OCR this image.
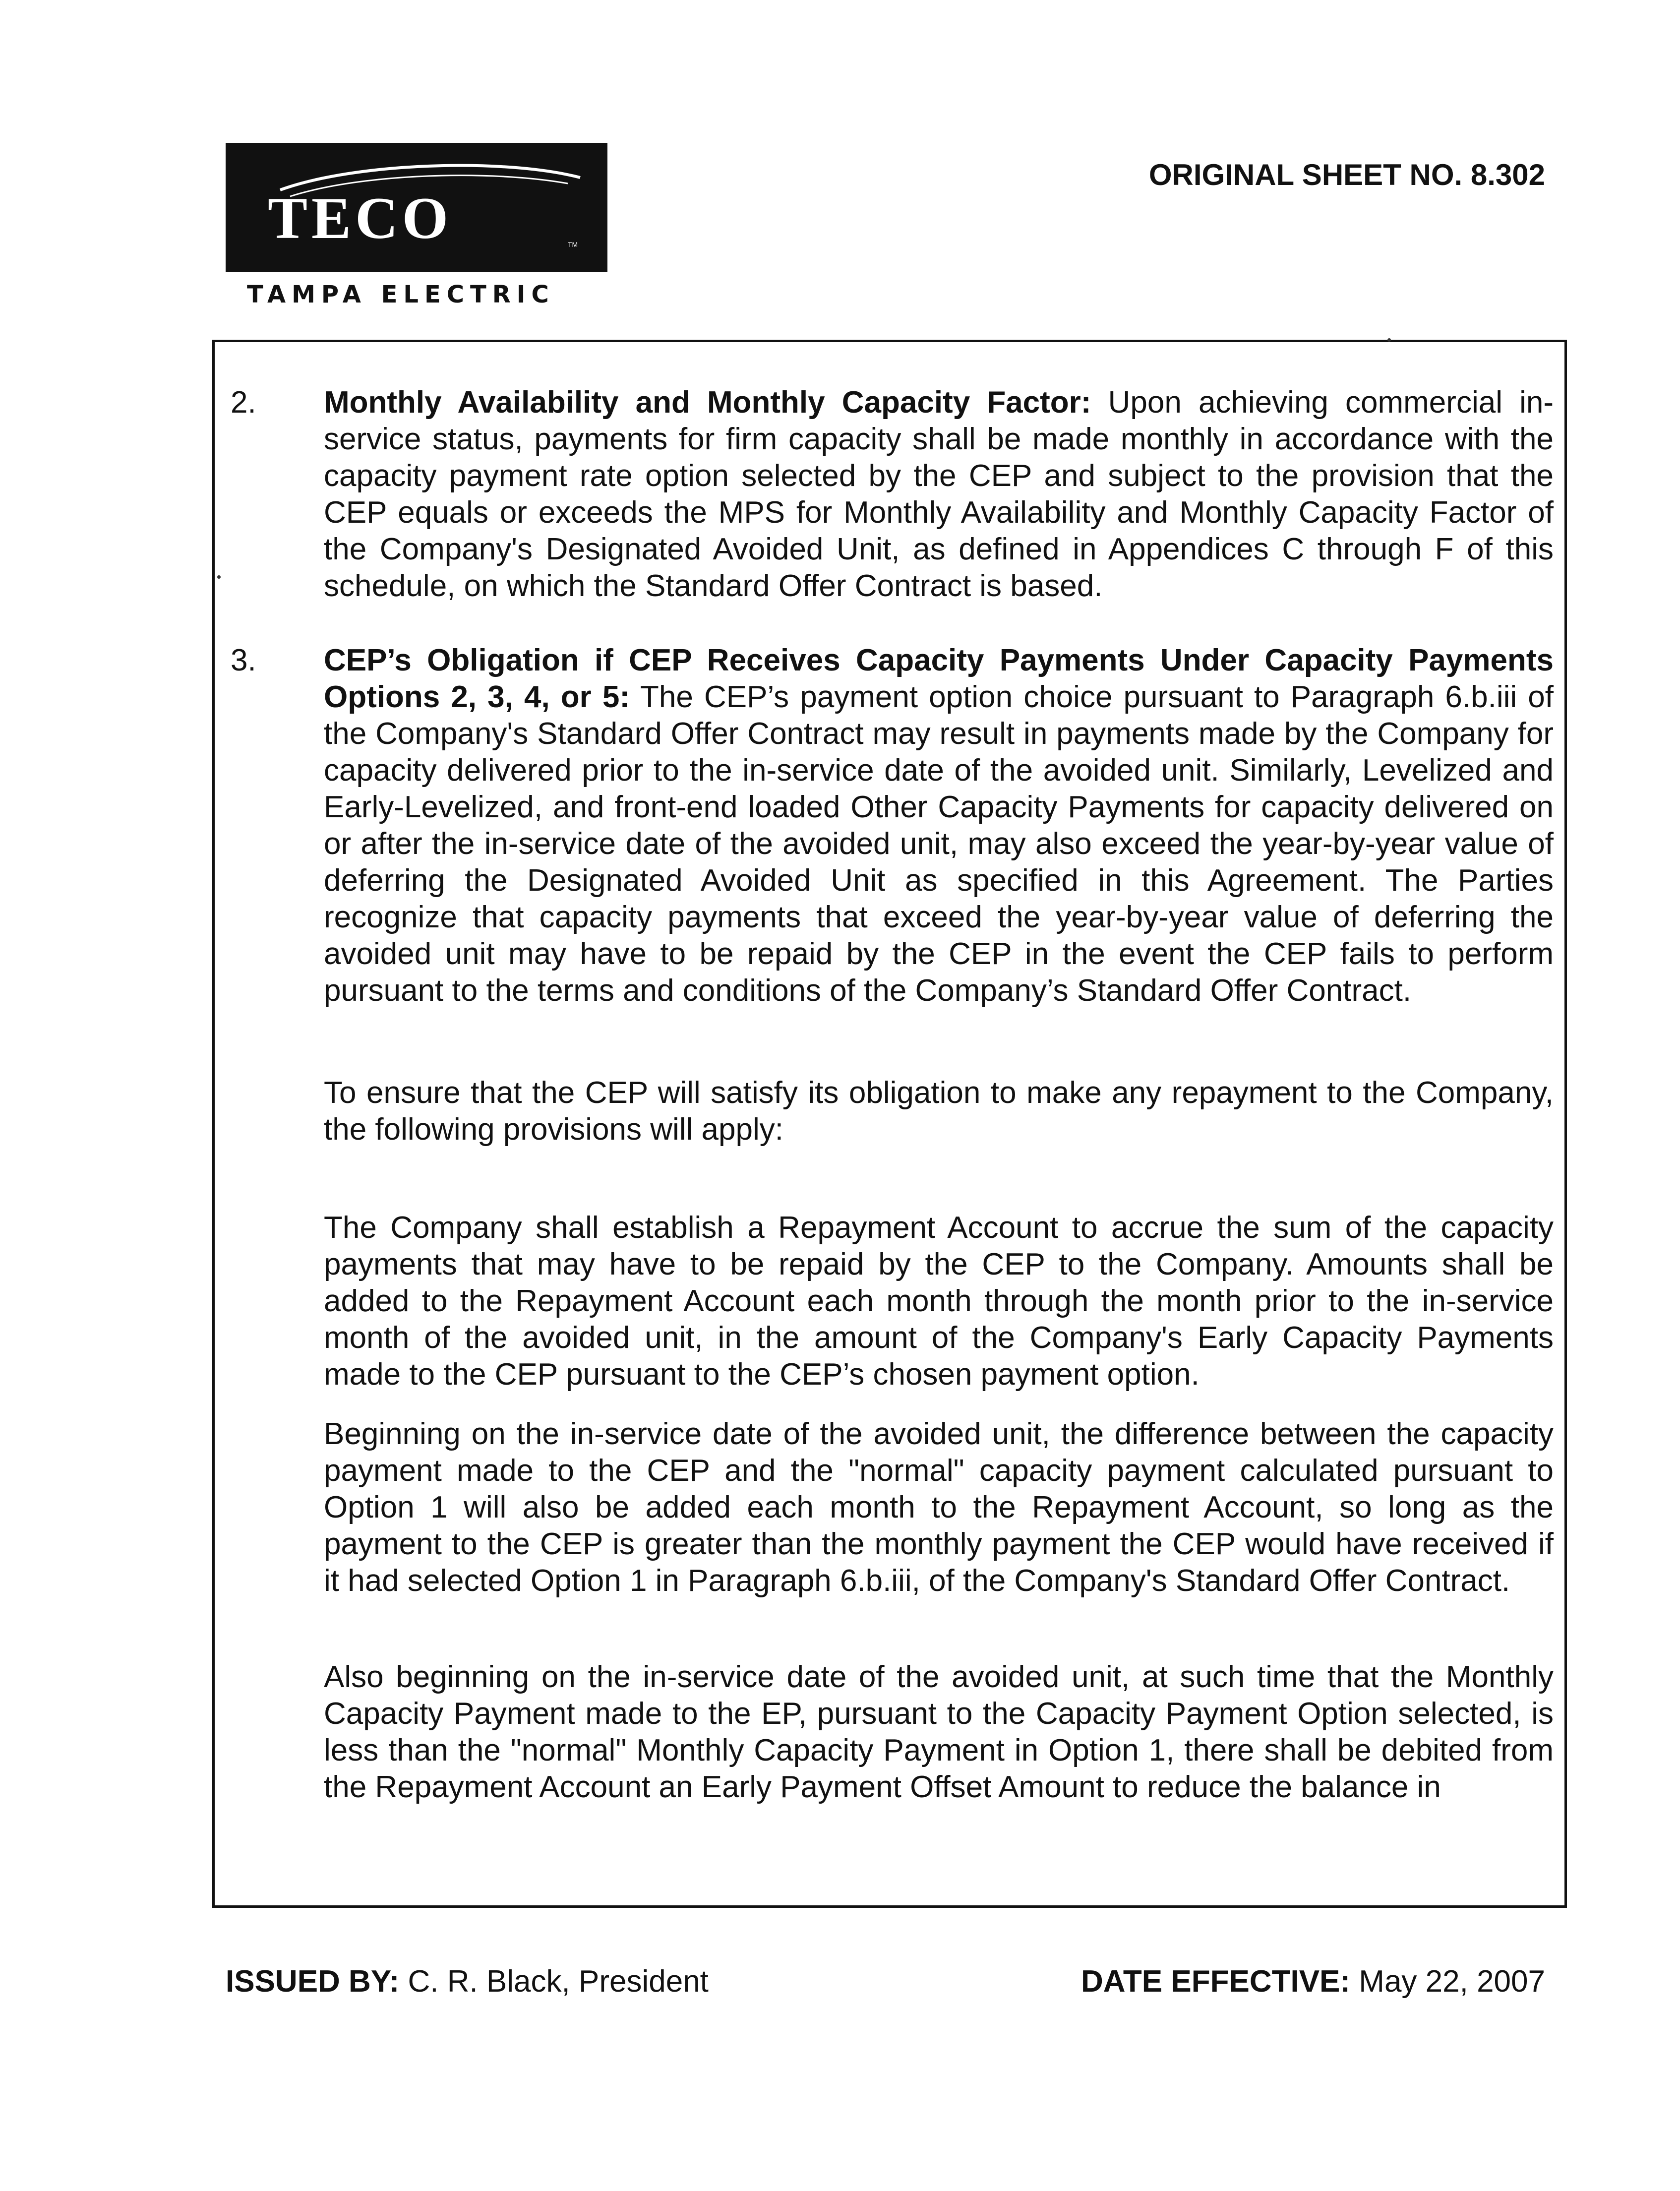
TECO	TM
TAMPA ELECTRIC
ORIGINAL SHEET NO. 8.302
2. Monthly Availability and Monthly Capacity Factor: Upon achieving commercial in-service status, payments for firm capacity shall be made monthly in accordance with the capacity payment rate option selected by the CEP and subject to the provision that the CEP equals or exceeds the MPS for Monthly Availability and Monthly Capacity Factor of the Company's Designated Avoided Unit, as defined in Appendices C through F of this schedule, on which the Standard Offer Contract is based.

3. CEP’s Obligation if CEP Receives Capacity Payments Under Capacity Payments Options 2, 3, 4, or 5: The CEP’s payment option choice pursuant to Paragraph 6.b.iii of the Company's Standard Offer Contract may result in payments made by the Company for capacity delivered prior to the in-service date of the avoided unit. Similarly, Levelized and Early-Levelized, and front-end loaded Other Capacity Payments for capacity delivered on or after the in-service date of the avoided unit, may also exceed the year-by-year value of deferring the Designated Avoided Unit as specified in this Agreement. The Parties recognize that capacity payments that exceed the year-by-year value of deferring the avoided unit may have to be repaid by the CEP in the event the CEP fails to perform pursuant to the terms and conditions of the Company’s Standard Offer Contract.

To ensure that the CEP will satisfy its obligation to make any repayment to the Company, the following provisions will apply:

The Company shall establish a Repayment Account to accrue the sum of the capacity payments that may have to be repaid by the CEP to the Company. Amounts shall be added to the Repayment Account each month through the month prior to the in-service month of the avoided unit, in the amount of the Company's Early Capacity Payments made to the CEP pursuant to the CEP’s chosen payment option.

Beginning on the in-service date of the avoided unit, the difference between the capacity payment made to the CEP and the "normal" capacity payment calculated pursuant to Option 1 will also be added each month to the Repayment Account, so long as the payment to the CEP is greater than the monthly payment the CEP would have received if it had selected Option 1 in Paragraph 6.b.iii, of the Company's Standard Offer Contract.

Also beginning on the in-service date of the avoided unit, at such time that the Monthly Capacity Payment made to the EP, pursuant to the Capacity Payment Option selected, is less than the "normal" Monthly Capacity Payment in Option 1, there shall be debited from the Repayment Account an Early Payment Offset Amount to reduce the balance in

ISSUED BY: C. R. Black, President	DATE EFFECTIVE: May 22, 2007
